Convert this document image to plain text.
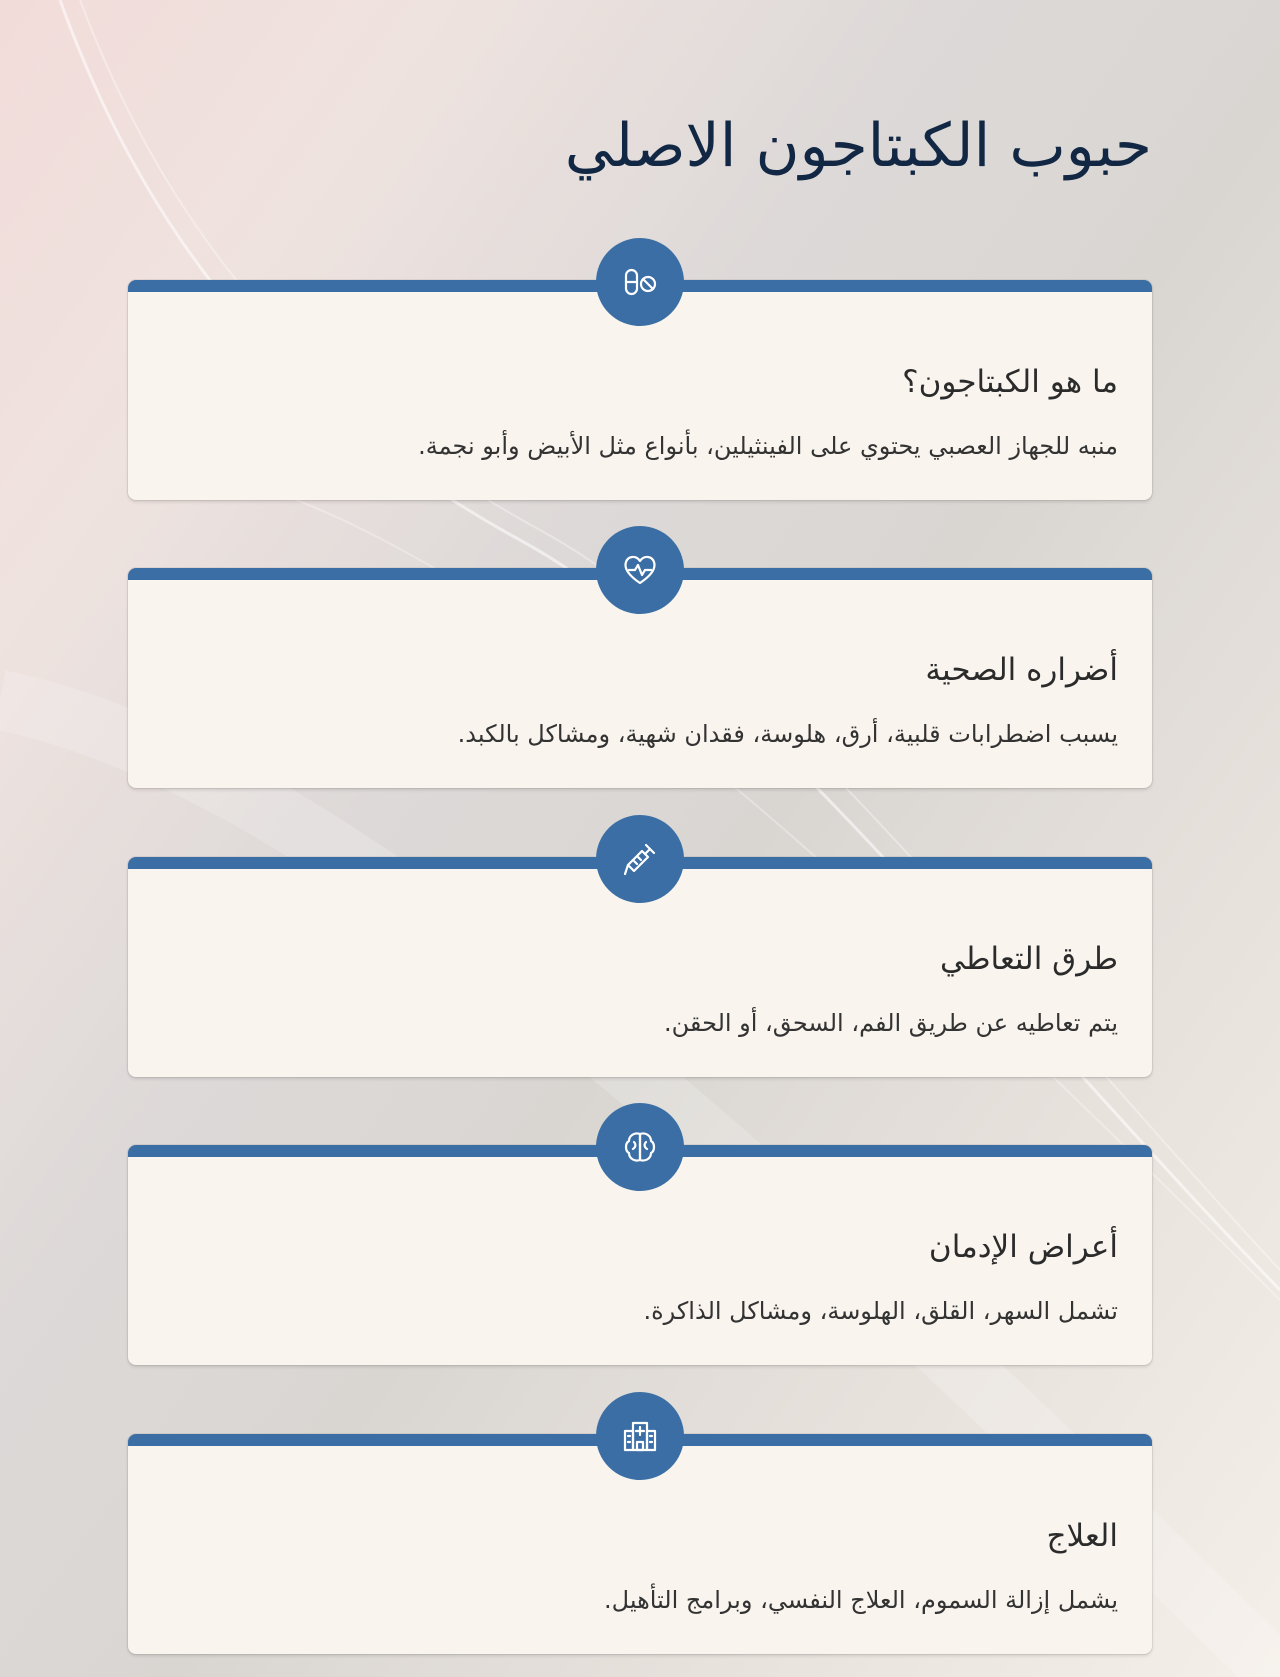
حبوب الكبتاجون الاصلي
ما هو الكبتاجون؟

منبه للجهاز العصبي يحتوي على الفينثيلين، بأنواع مثل الأبيض وأبو نجمة.

أضراره الصحية

يسبب اضطرابات قلبية، أرق، هلوسة، فقدان شهية، ومشاكل بالكبد.

طرق التعاطي

يتم تعاطيه عن طريق الفم، السحق، أو الحقن.

أعراض الإدمان

تشمل السهر، القلق، الهلوسة، ومشاكل الذاكرة.

العلاج

يشمل إزالة السموم، العلاج النفسي، وبرامج التأهيل.
